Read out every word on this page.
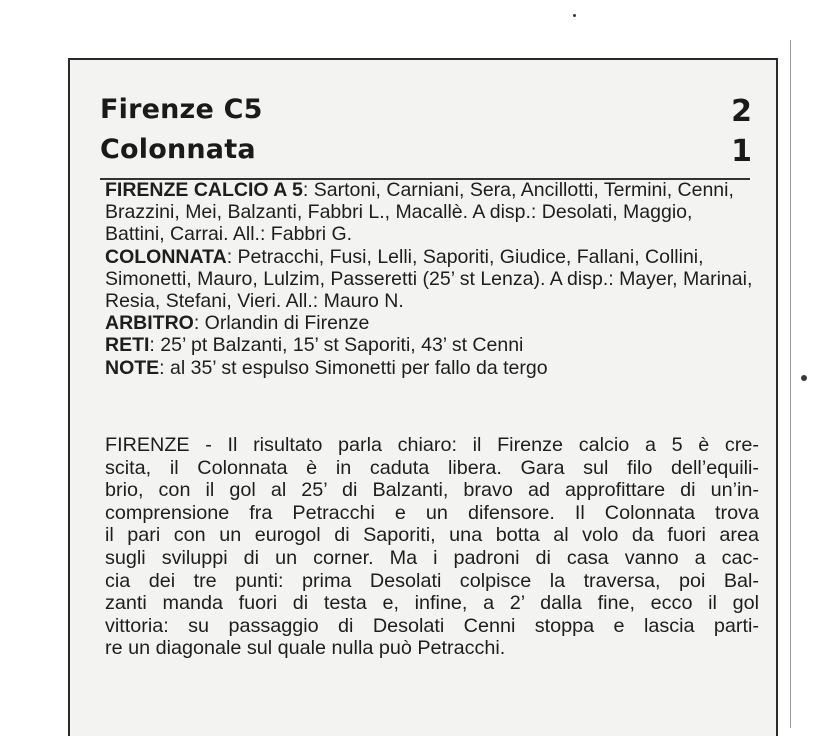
Firenze C5	2
Colonnata	1

FIRENZE CALCIO A 5: Sartoni, Carniani, Sera, Ancillotti, Termini, Cenni, Brazzini, Mei, Balzanti, Fabbri L., Macallè. A disp.: Desolati, Maggio, Battini, Carrai. All.: Fabbri G.

COLONNATA: Petracchi, Fusi, Lelli, Saporiti, Giudice, Fallani, Collini, Simonetti, Mauro, Lulzim, Passeretti (25’ st Lenza). A disp.: Mayer, Marinai, Resia, Stefani, Vieri. All.: Mauro N.

ARBITRO: Orlandin di Firenze

RETI: 25’ pt Balzanti, 15’ st Saporiti, 43’ st Cenni

NOTE: al 35’ st espulso Simonetti per fallo da tergo

FIRENZE - Il risultato parla chiaro: il Firenze calcio a 5 è cre-

scita, il Colonnata è in caduta libera. Gara sul filo dell’equili-

brio, con il gol al 25’ di Balzanti, bravo ad approfittare di un’in-

comprensione fra Petracchi e un difensore. Il Colonnata trova

il pari con un eurogol di Saporiti, una botta al volo da fuori area

sugli sviluppi di un corner. Ma i padroni di casa vanno a cac-

cia dei tre punti: prima Desolati colpisce la traversa, poi Bal-

zanti manda fuori di testa e, infine, a 2’ dalla fine, ecco il gol

vittoria: su passaggio di Desolati Cenni stoppa e lascia parti-

re un diagonale sul quale nulla può Petracchi.
